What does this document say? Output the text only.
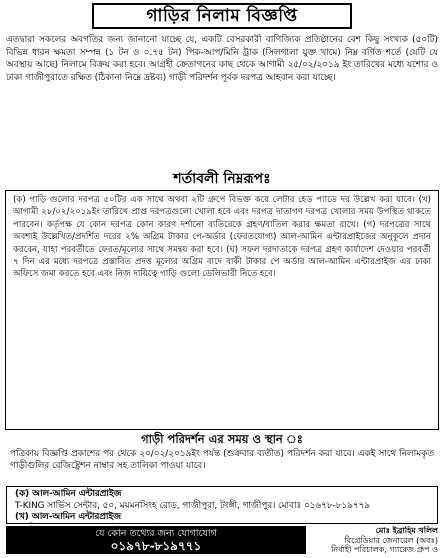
গাড়ির নিলাম বিজ্ঞপ্তি
এতদ্বারা সকলের অবগতির জন্য জানানো যাচ্ছে যে, একটি বেসরকারী বাণিজ্যিক প্রতিষ্ঠানের বেশ কিছু সংখ্যক (৫০টি) বিভিন্ন ধারন ক্ষমতা সম্পন্ন (১ টন ও ০.৭৫ টন) পিক-আপ/মিনি ট্রাক (সিলগালা যুক্ত খামে) নিম্ন বর্ণিত শর্তে (যেটি যে অবস্থায় আছে) নিলামে বিক্রয় করা হবে। আগ্রহী ক্রেতাগনের কাছ থেকে আগামী ২৫/০২/২০১৯ ইং তারিখের মধ্যে যশোর ও ঢাকা গাজীপুরাতে রক্ষিত (ঠিকানা নিম্নে দ্রষ্টব্য) গাড়ী পরিদর্শন পূর্বক দরপত্র আহবান করা যাচ্ছে।
শর্তাবলী নিম্নরূপঃ
(ক) গাড়ি গুলোর দরপত্র ৫০টির এক সাথে অথবা ২টি গ্রুপে বিভক্ত করে লেটার হেড প্যাডে দর উল্লেখ করা যাবে। (খ) আগামী ২৮/০২/২০১৯ইং তারিখে প্রাপ্ত দরপত্রগুলো খোলা হবে এবং দরপত্র দাতাগণ দরপত্র খোলার সময় উপস্থিত থাকতে পারবেন। কর্তৃপক্ষ যে কোন দরপত্র কোন কারণ দর্শানো ব্যতিরেকে গ্রহণ/বাতিল করার ক্ষমতা রাখে। (গ) দরপত্রের সাথে অবশ্যই উল্লেখিত/প্রদর্শিত দরের ২% অগ্রিম টাকার পে-অর্ডার (ফেরতযোগ্য) আল-আমিন এন্টারপ্রাইজের অনুকূলে প্রদান করবেন, যাহা পরবর্তীতে ফেরত/মূল্যের সাথে সমন্বয় করা হবে। (ঘ) সফল দরদাতাকে দরপত্র গ্রহণ কার্যাদেশ দেওয়ার পরবর্তী ৭ দিন এর মধ্যে দরপত্রে প্রস্তাবিত প্রদত্ত মূল্যের অগ্রিম বাদে বাকী টাকার পে অর্ডার আল-আমিন এন্টারপ্রাইজ এর ঢাকা অফিসে জমা করতে হবে এবং নিজ দায়িত্বে গাড়ি গুলো ডেলিভারী নিতে হবে।
গাড়ী পরিদর্শন এর সময় ও স্থান ঃ
পত্রিকায় বিজ্ঞপ্তি প্রকাশের পর থেকে ২০/০২/২০১৯ইং পর্যন্ত (শুক্রবার ব্যতীত) পরিদর্শন করা যাবে। একই সাথে নিলামকৃত গাড়ীগুলির রেজিষ্ট্রেশন নাম্বার সহ তালিকা পাওয়া যাবে।
(ক) আল-আমিন এন্টারপ্রাইজ
T-KING সার্ভিস সেন্টার, ৫০, ময়মনসিংহ রোড, গাজীপুরা, টংঙ্গী, গাজীপুর। মোবাঃ ০১৬৭৮-৮১৯৭৭৯
(খ) আল-আমিন এন্টারপ্রাইজ
যে কোন তথ্যের জন্য যোগাযোগ
০১৯৭৮-৮১৯৭৭১
মোঃ ইব্রাহিম খলিল
বিগ্রেডিয়ার জেনারেল (অবঃ)
নির্বাহী পরিচালক, গ্যারেজ গ্রুপ ও
